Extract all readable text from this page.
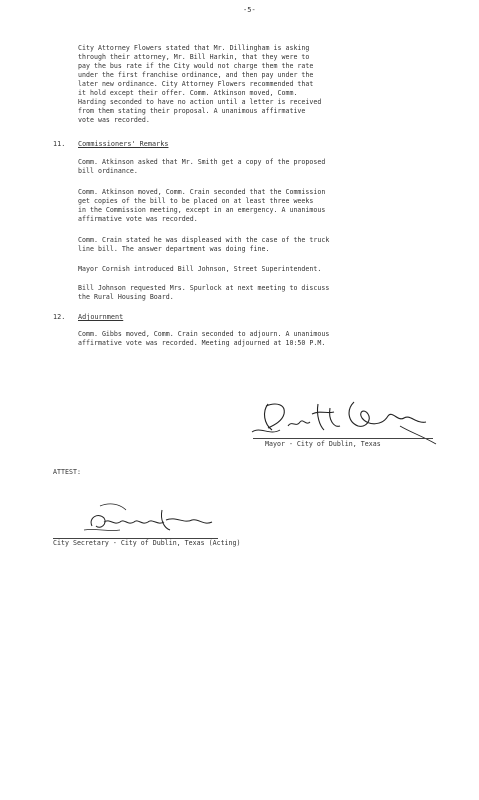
-5-
City Attorney Flowers stated that Mr. Dillingham is asking
through their attorney, Mr. Bill Harkin, that they were to
pay the bus rate if the City would not charge them the rate
under the first franchise ordinance, and then pay under the
later new ordinance. City Attorney Flowers recommended that
it hold except their offer. Comm. Atkinson moved, Comm.
Harding seconded to have no action until a letter is received
from them stating their proposal. A unanimous affirmative
vote was recorded.
11. Commissioners' Remarks
Comm. Atkinson asked that Mr. Smith get a copy of the proposed
bill ordinance.
Comm. Atkinson moved, Comm. Crain seconded that the Commission
get copies of the bill to be placed on at least three weeks
in the Commission meeting, except in an emergency. A unanimous
affirmative vote was recorded.
Comm. Crain stated he was displeased with the case of the truck
line bill. The answer department was doing fine.
Mayor Cornish introduced Bill Johnson, Street Superintendent.
Bill Johnson requested Mrs. Spurlock at next meeting to discuss
the Rural Housing Board.
12. Adjournment
Comm. Gibbs moved, Comm. Crain seconded to adjourn. A unanimous
affirmative vote was recorded. Meeting adjourned at 10:50 P.M.
Mayor - City of Dublin, Texas
ATTEST:
City Secretary - City of Dublin, Texas (Acting)
